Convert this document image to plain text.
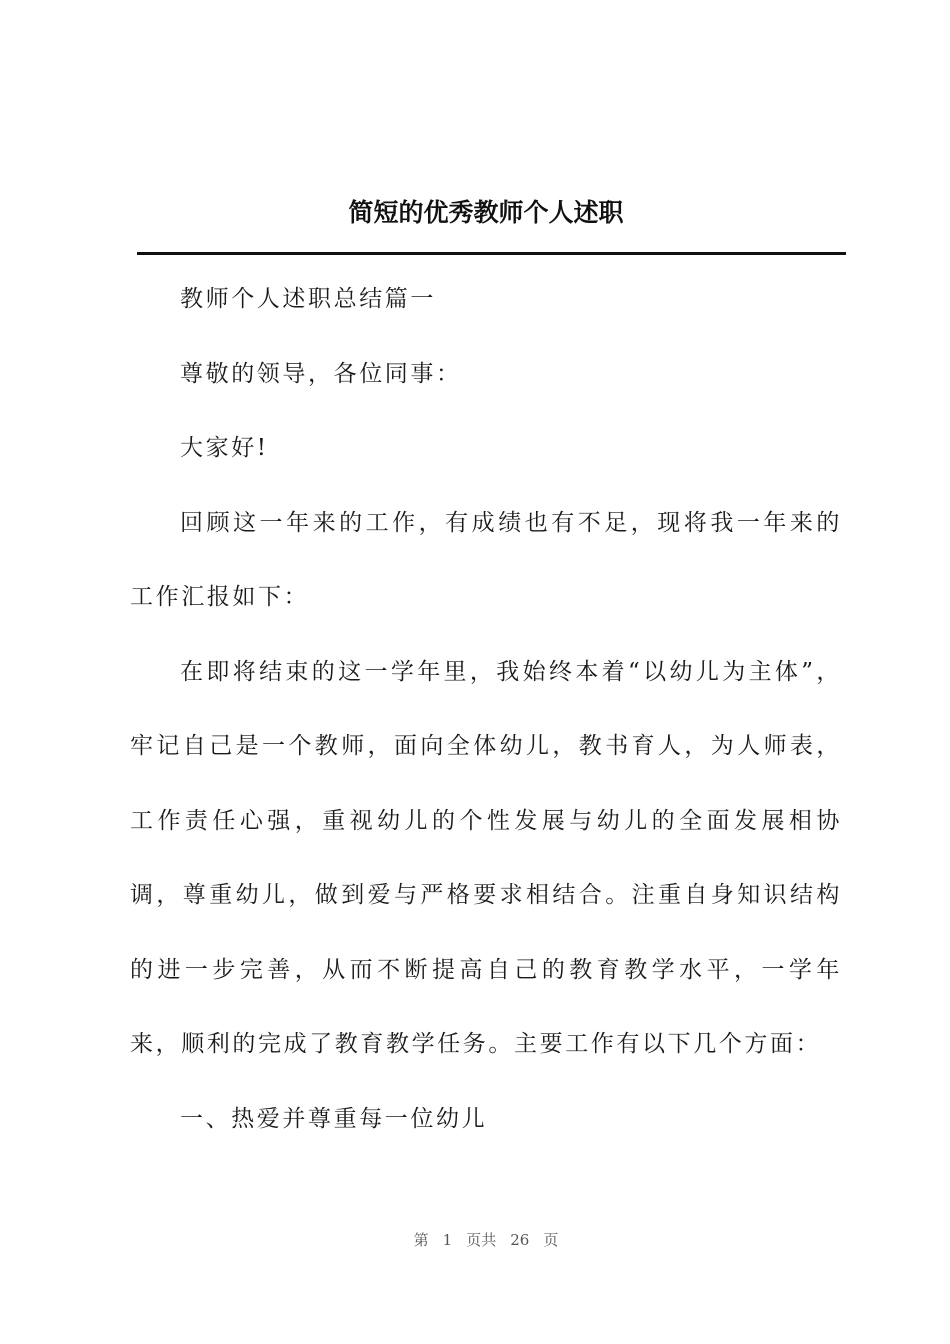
简短的优秀教师个人述职

教师个人述职总结篇一

尊敬的领导，各位同事：

大家好!

回顾这一年来的工作，有成绩也有不足，现将我一年来的工作汇报如下：

在即将结束的这一学年里，我始终本着“以幼儿为主体”，牢记自己是一个教师，面向全体幼儿，教书育人，为人师表，工作责任心强，重视幼儿的个性发展与幼儿的全面发展相协调，尊重幼儿，做到爱与严格要求相结合。注重自身知识结构的进一步完善，从而不断提高自己的教育教学水平，一学年来，顺利的完成了教育教学任务。主要工作有以下几个方面：

一、热爱并尊重每一位幼儿

第 1 页共 26 页
